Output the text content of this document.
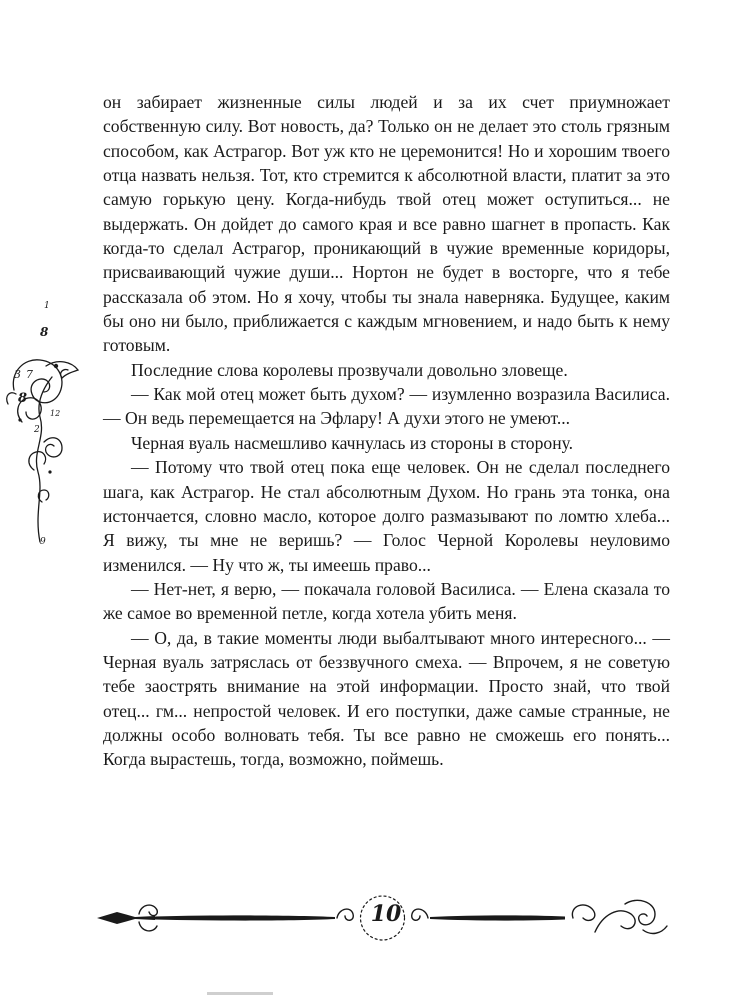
1
8
3 7
8
2
12
9

он забирает жизненные силы людей и за их счет приумножает собственную силу. Вот новость, да? Только он не делает это столь грязным способом, как Астрагор. Вот уж кто не церемонится! Но и хорошим твоего отца назвать нельзя. Тот, кто стремится к абсолютной власти, платит за это самую горькую цену. Когда-нибудь твой отец может оступиться... не выдержать. Он дойдет до самого края и все равно шагнет в пропасть. Как когда-то сделал Астрагор, проникающий в чужие временные коридоры, присваивающий чужие души... Нортон не будет в восторге, что я тебе рассказала об этом. Но я хочу, чтобы ты знала наверняка. Будущее, каким бы оно ни было, приближается с каждым мгновением, и надо быть к нему готовым.

Последние слова королевы прозвучали довольно зловеще.

— Как мой отец может быть духом? — изумленно возразила Василиса. — Он ведь перемещается на Эфлару! А духи этого не умеют...

Черная вуаль насмешливо качнулась из стороны в сторону.

— Потому что твой отец пока еще человек. Он не сделал последнего шага, как Астрагор. Не стал абсолютным Духом. Но грань эта тонка, она истончается, словно масло, которое долго размазывают по ломтю хлеба... Я вижу, ты мне не веришь? — Голос Черной Королевы неуловимо изменился. — Ну что ж, ты имеешь право...

— Нет-нет, я верю, — покачала головой Василиса. — Елена сказала то же самое во временной петле, когда хотела убить меня.

— О, да, в такие моменты люди выбалтывают много интересного... — Черная вуаль затряслась от беззвучного смеха. — Впрочем, я не советую тебе заострять внимание на этой информации. Просто знай, что твой отец... гм... непростой человек. И его поступки, даже самые странные, не должны особо волновать тебя. Ты все равно не сможешь его понять... Когда вырастешь, тогда, возможно, поймешь.

10
